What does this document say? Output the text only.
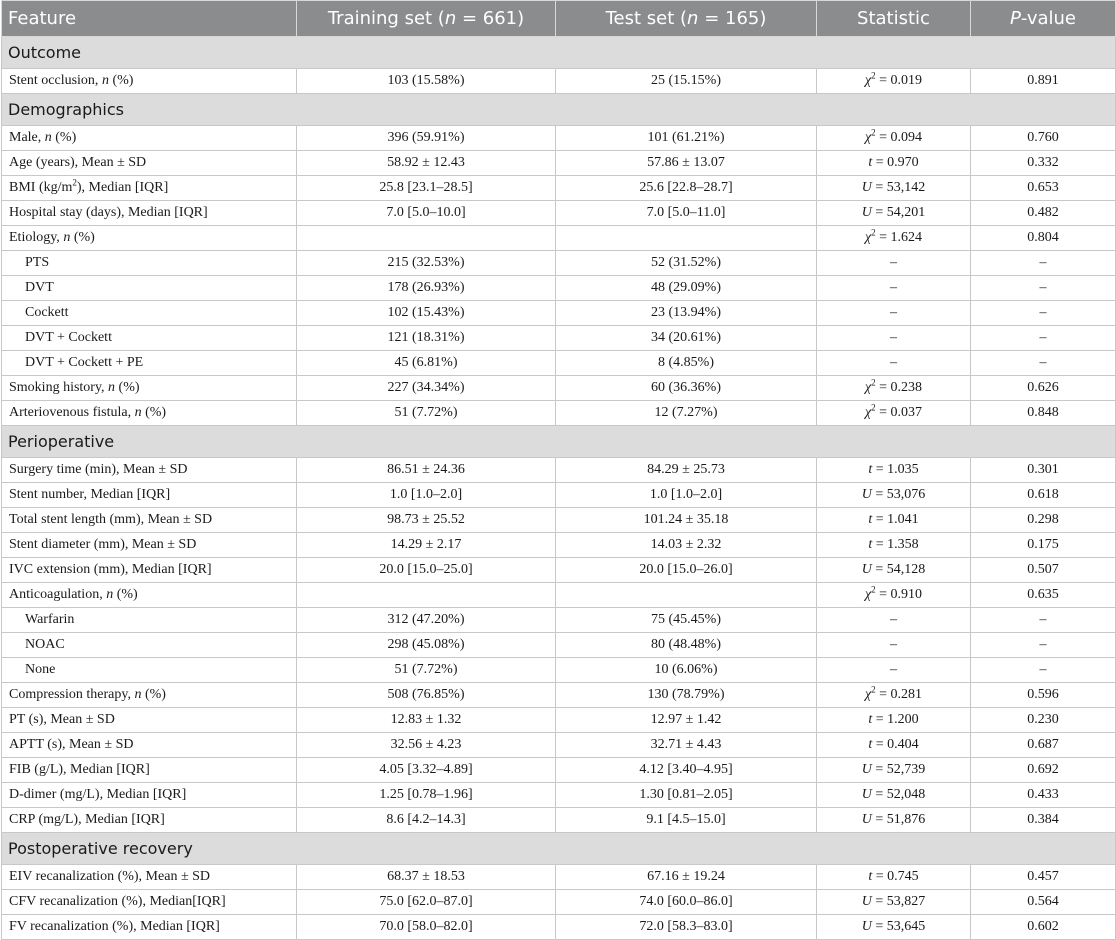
Feature	Training set (n = 661)	Test set (n = 165)	Statistic	P-value
Outcome				
Stent occlusion, n (%)	103 (15.58%)	25 (15.15%)	$\chi^2 = 0.019$	0.891
Demographics				
Male, n (%)	396 (59.91%)	101 (61.21%)	$\chi^2 = 0.094$	0.760
Age (years), Mean ± SD	58.92 ± 12.43	57.86 ± 13.07	t = 0.970	0.332
BMI $(kg/m^2)$, Median [IQR]	25.8 [23.1–28.5]	25.6 [22.8–28.7]	U = 53,142	0.653
Hospital stay (days), Median [IQR]	7.0 [5.0–10.0]	7.0 [5.0–11.0]	U = 54,201	0.482
Etiology, n (%)			$\chi^2 = 1.624$	0.804
PTS	215 (32.53%)	52 (31.52%)	–	–
DVT	178 (26.93%)	48 (29.09%)	–	–
Cockett	102 (15.43%)	23 (13.94%)	–	–
DVT + Cockett	121 (18.31%)	34 (20.61%)	–	–
DVT + Cockett + PE	45 (6.81%)	8 (4.85%)	–	–
Smoking history, n (%)	227 (34.34%)	60 (36.36%)	$\chi^2 = 0.238$	0.626
Arteriovenous fistula, n (%)	51 (7.72%)	12 (7.27%)	$\chi^2 = 0.037$	0.848
Perioperative				
Surgery time (min), Mean ± SD	86.51 ± 24.36	84.29 ± 25.73	t = 1.035	0.301
Stent number, Median [IQR]	1.0 [1.0–2.0]	1.0 [1.0–2.0]	U = 53,076	0.618
Total stent length (mm), Mean ± SD	98.73 ± 25.52	101.24 ± 35.18	t = 1.041	0.298
Stent diameter (mm), Mean ± SD	14.29 ± 2.17	14.03 ± 2.32	t = 1.358	0.175
IVC extension (mm), Median [IQR]	20.0 [15.0–25.0]	20.0 [15.0–26.0]	U = 54,128	0.507
Anticoagulation, n (%)			$\chi^2 = 0.910$	0.635
Warfarin	312 (47.20%)	75 (45.45%)	–	–
NOAC	298 (45.08%)	80 (48.48%)	–	–
None	51 (7.72%)	10 (6.06%)	–	–
Compression therapy, n (%)	508 (76.85%)	130 (78.79%)	$\chi^2 = 0.281$	0.596
PT (s), Mean ± SD	12.83 ± 1.32	12.97 ± 1.42	t = 1.200	0.230
APTT (s), Mean ± SD	32.56 ± 4.23	32.71 ± 4.43	t = 0.404	0.687
FIB (g/L), Median [IQR]	4.05 [3.32–4.89]	4.12 [3.40–4.95]	U = 52,739	0.692
D-dimer (mg/L), Median [IQR]	1.25 [0.78–1.96]	1.30 [0.81–2.05]	U = 52,048	0.433
CRP (mg/L), Median [IQR]	8.6 [4.2–14.3]	9.1 [4.5–15.0]	U = 51,876	0.384
Postoperative recovery				
EIV recanalization (%), Mean ± SD	68.37 ± 18.53	67.16 ± 19.24	t = 0.745	0.457
CFV recanalization (%), Median[IQR]	75.0 [62.0–87.0]	74.0 [60.0–86.0]	U = 53,827	0.564
FV recanalization (%), Median [IQR]	70.0 [58.0–82.0]	72.0 [58.3–83.0]	U = 53,645	0.602
